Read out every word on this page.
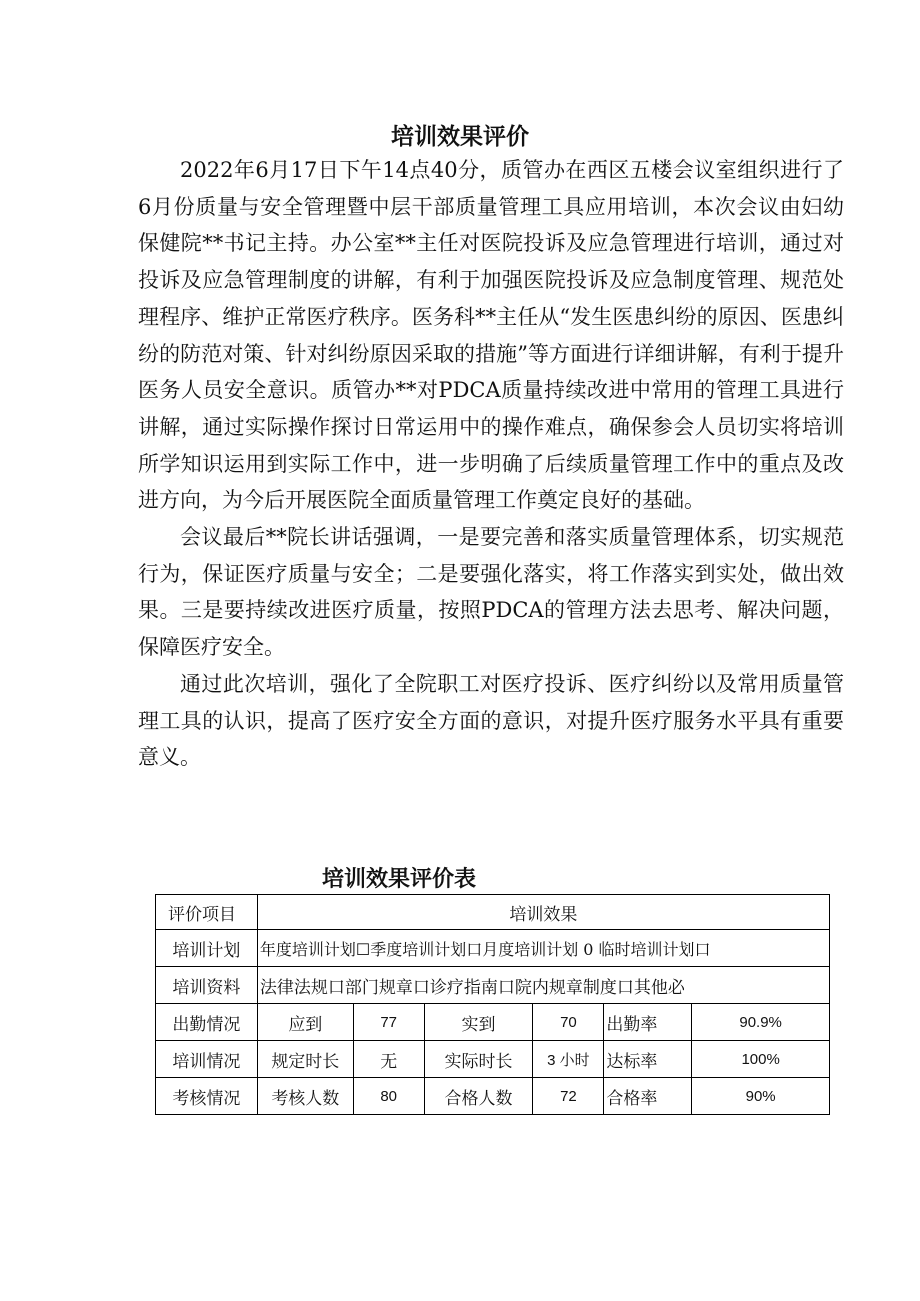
培训效果评价

2022年6月17日下午14点40分，质管办在西区五楼会议室组织进行了6月份质量与安全管理暨中层干部质量管理工具应用培训，本次会议由妇幼保健院**书记主持。办公室**主任对医院投诉及应急管理进行培训，通过对投诉及应急管理制度的讲解，有利于加强医院投诉及应急制度管理、规范处理程序、维护正常医疗秩序。医务科**主任从“发生医患纠纷的原因、医患纠纷的防范对策、针对纠纷原因采取的措施”等方面进行详细讲解，有利于提升医务人员安全意识。质管办**对PDCA质量持续改进中常用的管理工具进行讲解，通过实际操作探讨日常运用中的操作难点，确保参会人员切实将培训所学知识运用到实际工作中，进一步明确了后续质量管理工作中的重点及改进方向，为今后开展医院全面质量管理工作奠定良好的基础。

会议最后**院长讲话强调，一是要完善和落实质量管理体系，切实规范行为，保证医疗质量与安全；二是要强化落实，将工作落实到实处，做出效果。三是要持续改进医疗质量，按照PDCA的管理方法去思考、解决问题，保障医疗安全。

通过此次培训，强化了全院职工对医疗投诉、医疗纠纷以及常用质量管理工具的认识，提高了医疗安全方面的意识，对提升医疗服务水平具有重要意义。

培训效果评价表
评价项目	培训效果					
培训计划	年度培训计划☐季度培训计划口月度培训计划 0 临时培训计划口					
培训资料	法律法规口部门规章口诊疗指南口院内规章制度口其他必					
出勤情况	应到	77	实到	70	出勤率	90.9%
培训情况	规定时长	无	实际时长	3 小时	达标率	100%
考核情况	考核人数	80	合格人数	72	合格率	90%
